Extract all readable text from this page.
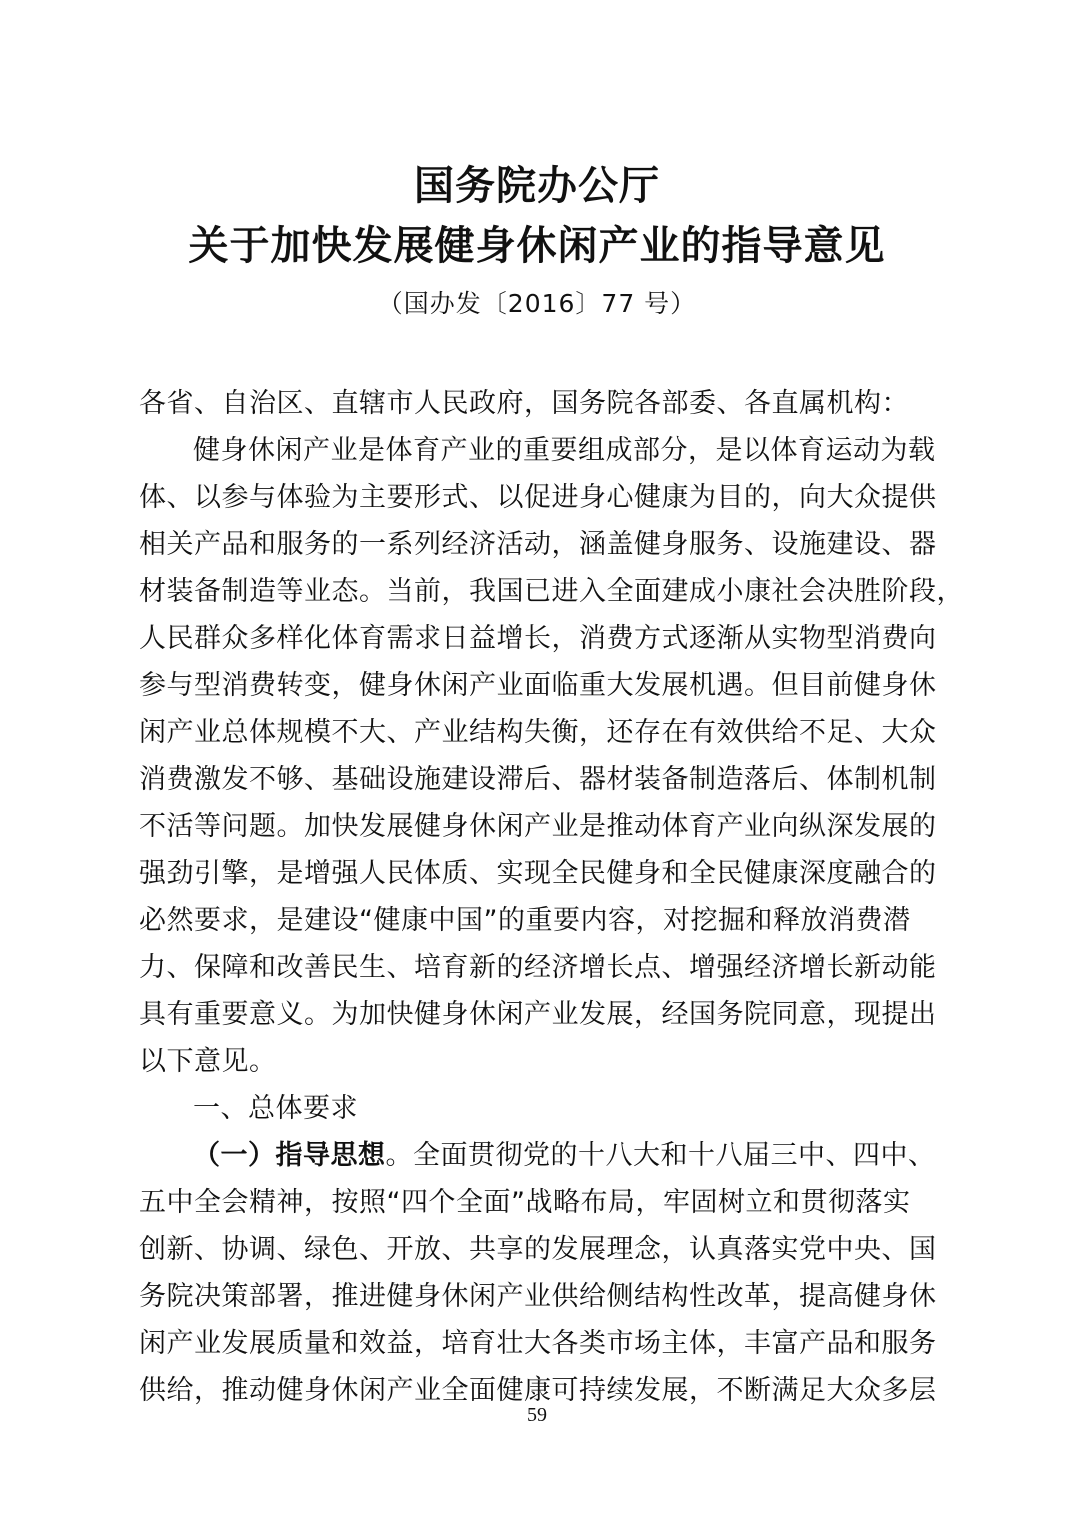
国务院办公厅
关于加快发展健身休闲产业的指导意见
（国办发〔2016〕77 号）
各省、自治区、直辖市人民政府，国务院各部委、各直属机构：
健身休闲产业是体育产业的重要组成部分，是以体育运动为载
体、以参与体验为主要形式、以促进身心健康为目的，向大众提供
相关产品和服务的一系列经济活动，涵盖健身服务、设施建设、器
材装备制造等业态。当前，我国已进入全面建成小康社会决胜阶段，
人民群众多样化体育需求日益增长，消费方式逐渐从实物型消费向
参与型消费转变，健身休闲产业面临重大发展机遇。但目前健身休
闲产业总体规模不大、产业结构失衡，还存在有效供给不足、大众
消费激发不够、基础设施建设滞后、器材装备制造落后、体制机制
不活等问题。加快发展健身休闲产业是推动体育产业向纵深发展的
强劲引擎，是增强人民体质、实现全民健身和全民健康深度融合的
必然要求，是建设“健康中国”的重要内容，对挖掘和释放消费潜
力、保障和改善民生、培育新的经济增长点、增强经济增长新动能
具有重要意义。为加快健身休闲产业发展，经国务院同意，现提出
以下意见。
一、总体要求
（一）指导思想。全面贯彻党的十八大和十八届三中、四中、
五中全会精神，按照“四个全面”战略布局，牢固树立和贯彻落实
创新、协调、绿色、开放、共享的发展理念，认真落实党中央、国
务院决策部署，推进健身休闲产业供给侧结构性改革，提高健身休
闲产业发展质量和效益，培育壮大各类市场主体，丰富产品和服务
供给，推动健身休闲产业全面健康可持续发展，不断满足大众多层
59
